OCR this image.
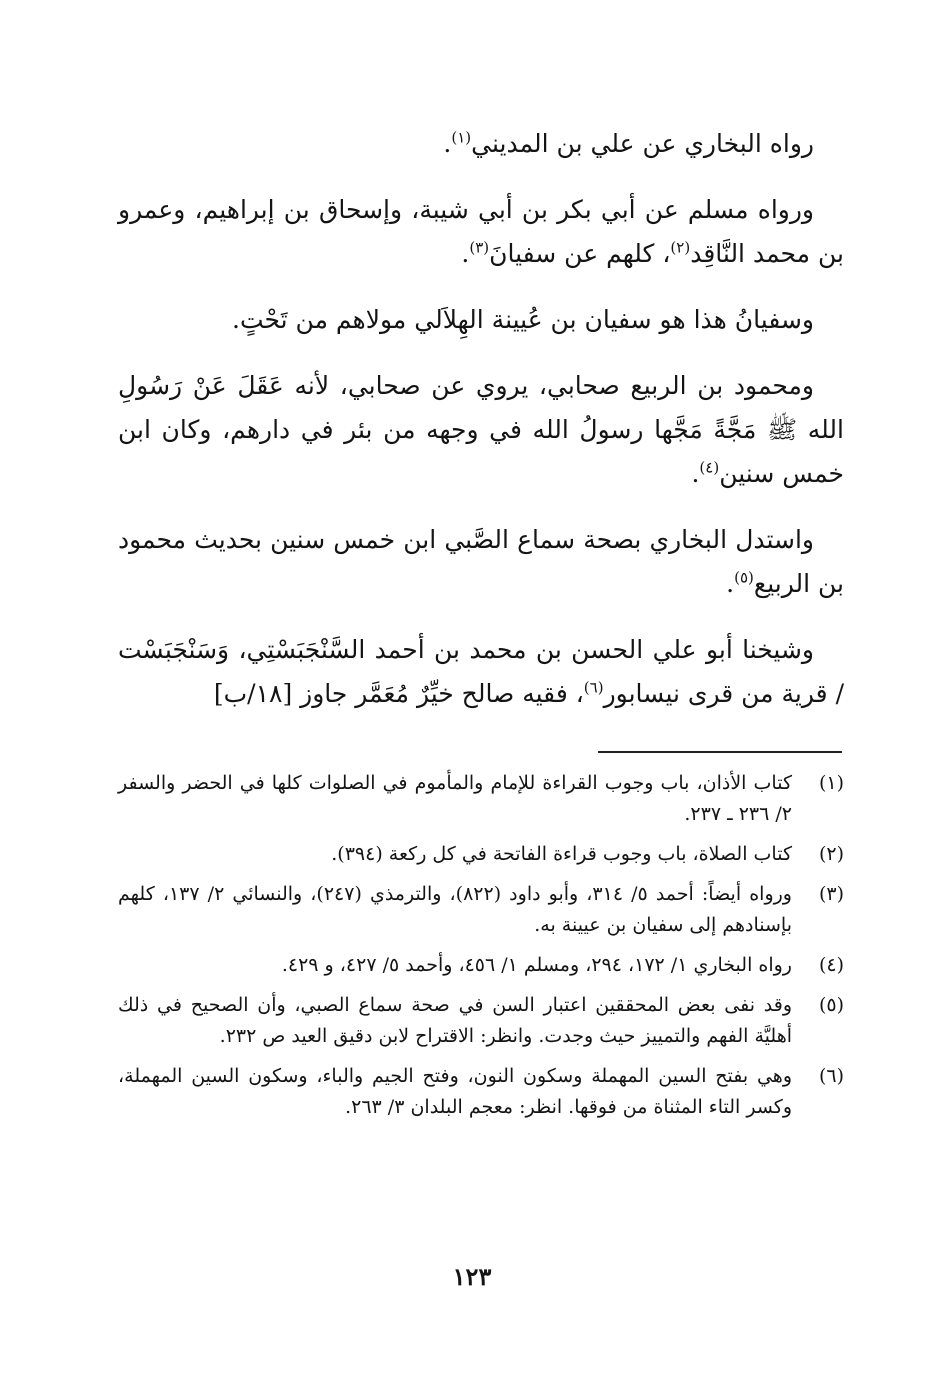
رواه البخاري عن علي بن المديني$^{(١)}$.

ورواه مسلم عن أبي بكر بن أبي شيبة، وإسحاق بن إبراهيم، وعمرو بن محمد النَّاقِد$^{(٢)}$، كلهم عن سفيانَ$^{(٣)}$.

وسفيانُ هذا هو سفيان بن عُيينة الهِلاَلي مولاهم من تَحْتٍ.

ومحمود بن الربيع صحابي، يروي عن صحابي، لأنه عَقَلَ عَنْ رَسُولِ الله ﷺ مَجَّةً مَجَّها رسولُ الله في وجهه من بئر في دارهم، وكان ابن خمس سنين$^{(٤)}$.

واستدل البخاري بصحة سماع الصَّبي ابن خمس سنين بحديث محمود بن الربيع$^{(٥)}$.

وشيخنا أبو علي الحسن بن محمد بن أحمد السَّنْجَبَسْتِي، وَسَنْجَبَسْت / قرية من قرى نيسابور$^{(٦)}$، فقيه صالح خيِّرٌ مُعَمَّر جاوز [١٨/ب]

(١)
كتاب الأذان، باب وجوب القراءة للإمام والمأموم في الصلوات كلها في الحضر والسفر ٢/ ٢٣٦ ـ ٢٣٧.
(٢)
كتاب الصلاة، باب وجوب قراءة الفاتحة في كل ركعة (٣٩٤).
(٣)
ورواه أيضاً: أحمد ٥/ ٣١٤، وأبو داود (٨٢٢)، والترمذي (٢٤٧)، والنسائي ٢/ ١٣٧، كلهم بإسنادهم إلى سفيان بن عيينة به.
(٤)
رواه البخاري ١/ ١٧٢، ٢٩٤، ومسلم ١/ ٤٥٦، وأحمد ٥/ ٤٢٧، و ٤٢٩.
(٥)
وقد نفى بعض المحققين اعتبار السن في صحة سماع الصبي، وأن الصحيح في ذلك أهليَّة الفهم والتمييز حيث وجدت. وانظر: الاقتراح لابن دقيق العيد ص ٢٣٢.
(٦)
وهي بفتح السين المهملة وسكون النون، وفتح الجيم والباء، وسكون السين المهملة، وكسر التاء المثناة من فوقها. انظر: معجم البلدان ٣/ ٢٦٣.
١٢٣
